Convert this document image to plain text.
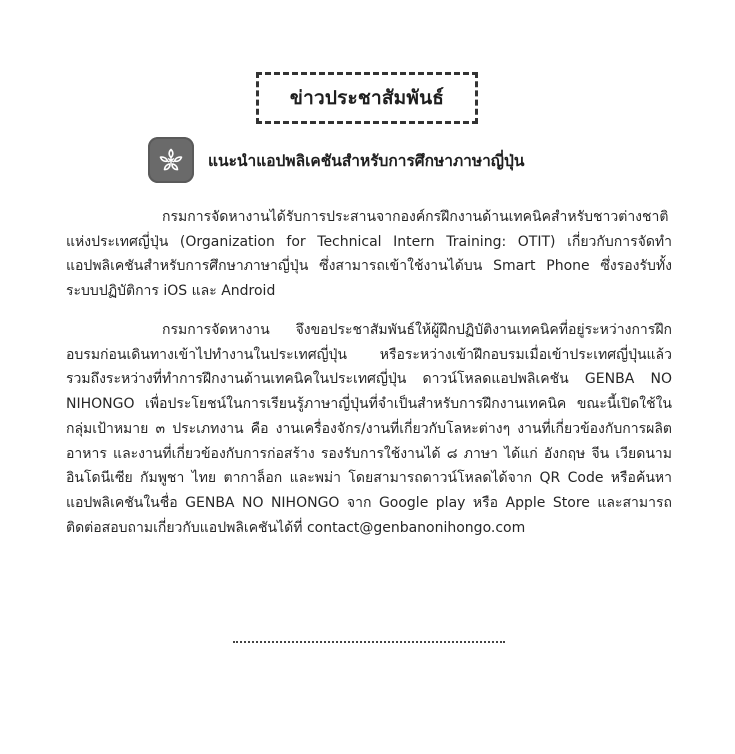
ข่าวประชาสัมพันธ์
แนะนำแอปพลิเคชันสำหรับการศึกษาภาษาญี่ปุ่น

กรมการจัดหางานได้รับการประสานจากองค์กรฝึกงานด้านเทคนิคสำหรับชาวต่างชาติแห่งประเทศญี่ปุ่น (Organization for Technical Intern Training: OTIT) เกี่ยวกับการจัดทำแอปพลิเคชันสำหรับการศึกษาภาษาญี่ปุ่น ซึ่งสามารถเข้าใช้งานได้บน Smart Phone ซึ่งรองรับทั้งระบบปฏิบัติการ iOS และ Android

กรมการจัดหางาน จึงขอประชาสัมพันธ์ให้ผู้ฝึกปฏิบัติงานเทคนิคที่อยู่ระหว่างการฝึกอบรมก่อนเดินทางเข้าไปทำงานในประเทศญี่ปุ่น หรือระหว่างเข้าฝึกอบรมเมื่อเข้าประเทศญี่ปุ่นแล้ว รวมถึงระหว่างที่ทำการฝึกงานด้านเทคนิคในประเทศญี่ปุ่น ดาวน์โหลดแอปพลิเคชัน GENBA NO NIHONGO เพื่อประโยชน์ในการเรียนรู้ภาษาญี่ปุ่นที่จำเป็นสำหรับการฝึกงานเทคนิค ขณะนี้เปิดใช้ในกลุ่มเป้าหมาย ๓ ประเภทงาน คือ งานเครื่องจักร/งานที่เกี่ยวกับโลหะต่างๆ งานที่เกี่ยวข้องกับการผลิตอาหาร และงานที่เกี่ยวข้องกับการก่อสร้าง รองรับการใช้งานได้ ๘ ภาษา ได้แก่ อังกฤษ จีน เวียดนาม อินโดนีเซีย กัมพูชา ไทย ตากาล็อก และพม่า โดยสามารถดาวน์โหลดได้จาก QR Code หรือค้นหาแอปพลิเคชันในชื่อ GENBA NO NIHONGO จาก Google play หรือ Apple Store และสามารถติดต่อสอบถามเกี่ยวกับแอปพลิเคชันได้ที่ contact@genbanonihongo.com
